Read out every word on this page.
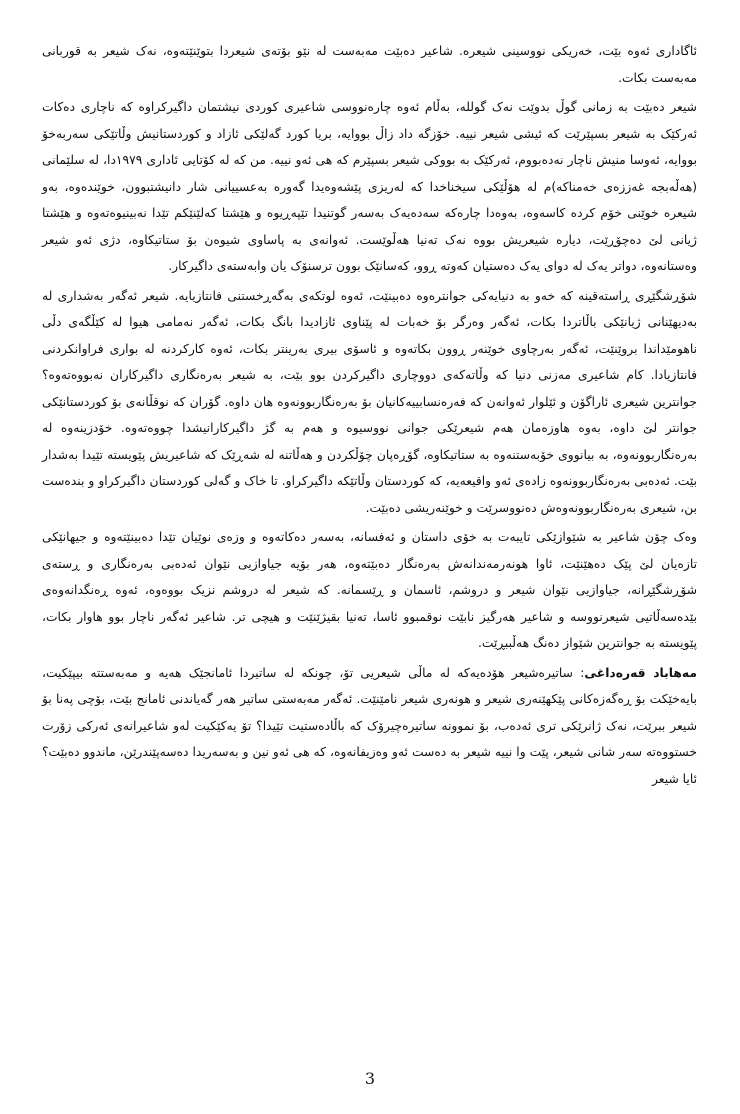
ئاگاداری ئەوە بێت، خەریکی نووسینی شیعرە. شاعیر دەبێت مەبەست لە نێو بۆتەی شیعردا بتوێنێتەوە، نەک شیعر بە قوربانی مەبەست بکات.

شیعر دەبێت بە زمانی گوڵ بدوێت نەک گوللە، بەڵام ئەوە چارەنووسی شاعیری کوردی نیشتمان داگیرکراوە کە ناچاری دەکات ئەرکێک بە شیعر بسپێرێت کە ئیشی شیعر نییە. خۆزگە داد زاڵ بووایە، بریا کورد گەلێکی ئازاد و کوردستانیش وڵاتێکی سەربەخۆ بووایە، ئەوسا منیش ناچار نەدەبووم، ئەرکێک بە بووکی شیعر بسپێرم کە هی ئەو نییە. من کە لە کۆتایی ئاداری ١٩٧٩دا، لە سلێمانی (هەڵەبجە غەززەی خەمناکە)م لە هۆڵێکی سیخناخدا کە لەریزی پێشەوەیدا گەورە بەعسییانی شار دانیشتبوون، خوێندەوە، بەو شیعرە خوێنی خۆم کردە کاسەوە، بەوەدا چارەکە سەدەیەک بەسەر گوتنیدا تێپەڕیوە و هێشتا کەلێنێکم تێدا نەبینیوەتەوە و هێشتا ژیانی لێ دەچۆڕێت، دیارە شیعریش بووە نەک تەنیا هەڵوێست. ئەوانەی بە پاساوی شیوەن بۆ ستاتیکاوە، دژی ئەو شیعر وەستانەوە، دواتر یەک لە دوای یەک دەستیان کەوتە ڕوو، کەسانێک بوون ترسنۆک یان وابەستەی داگیرکار.

شۆڕشگێڕی ڕاستەقینە کە خەو بە دنیایەکی جوانترەوە دەبینێت، ئەوە لوتکەی بەگەڕخستنی فانتازیایە. شیعر ئەگەر بەشداری لە بەدیهێنانی ژیانێکی باڵاتردا بکات، ئەگەر وەرگر بۆ خەبات لە پێناوی ئازادیدا بانگ بکات، ئەگەر نەمامی هیوا لە کێڵگەی دڵی ناهومێداندا بروێنێت، ئەگەر بەرچاوی خوێنەر ڕوون بکاتەوە و ئاسۆی بیری بەرینتر بکات، ئەوە کارکردنە لە بواری فراوانکردنی فانتازیادا. کام شاعیری مەزنی دنیا کە وڵاتەکەی دووچاری داگیرکردن بوو بێت، بە شیعر بەرەنگاری داگیرکاران نەبووەتەوە؟ جوانترین شیعری ئاراگۆن و ئێلوار ئەوانەن کە فەرەنسابییەکانیان بۆ بەرەنگاربوونەوە هان داوە. گۆران کە نوقڵانەی بۆ کوردستانێکی جوانتر لێ داوە، بەوە هاوزەمان هەم شیعرێکی جوانی نووسیوە و هەم بە گژ داگیرکارانیشدا چووەتەوە. خۆدزینەوە لە بەرەنگاربوونەوە، بە بیانووی خۆبەستنەوە بە ستاتیکاوە، گۆڕەپان چۆڵکردن و هەڵاتنە لە شەڕێک کە شاعیریش پێویستە تێیدا بەشدار بێت. ئەدەبی بەرەنگاربوونەوە زادەی ئەو واقیعەیە، کە کوردستان وڵاتێکە داگیرکراو. تا خاک و گەلی کوردستان داگیرکراو و بندەست بن، شیعری بەرەنگاربوونەوەش دەنووسرێت و خوێنەریشی دەبێت.

وەک چۆن شاعیر بە شێوازێکی تایبەت بە خۆی داستان و ئەفسانە، بەسەر دەکاتەوە و وزەی نوێیان تێدا دەبینێتەوە و جیهانێکی تازەیان لێ پێک دەهێنێت، ئاوا هونەرمەندانەش بەرەنگار دەبێتەوە، هەر بۆیە جیاوازیی نێوان ئەدەبی بەرەنگاری و ڕستەی شۆڕشگێڕانە، جیاوازیی نێوان شیعر و دروشم، ئاسمان و ڕێسمانە. کە شیعر لە دروشم نزیک بووەوە، ئەوە ڕەنگدانەوەی بێدەسەڵاتیی شیعرنووسە و شاعیر هەرگیز نابێت نوقمبوو ئاسا، تەنیا بقیژێنێت و هیچی تر. شاعیر ئەگەر ناچار بوو هاوار بکات، پێویستە بە جوانترین شێواز دەنگ هەڵببڕێت.

مەهاباد قەرەداغی: ساتیرەشیعر هۆدەیەکە لە ماڵی شیعریی تۆ، چونکە لە ساتیردا ئامانجێک هەیە و مەبەستتە بیپێکیت، بایەخێکت بۆ ڕەگەزەکانی پێکهێنەری شیعر و هونەری شیعر نامێنێت. ئەگەر مەبەستی ساتیر هەر گەیاندنی ئامانج بێت، بۆچی پەنا بۆ شیعر ببرێت، نەک ژانرێکی تری ئەدەب، بۆ نموونە ساتیرەچیرۆک کە باڵادەستیت تێیدا؟ تۆ یەکێکیت لەو شاعیرانەی ئەرکی زۆرت خستووەتە سەر شانی شیعر، پێت وا نییە شیعر بە دەست ئەو وەزیفانەوە، کە هی ئەو نین و بەسەریدا دەسەپێندرێن، ماندوو دەبێت؟ ئایا شیعر

3
